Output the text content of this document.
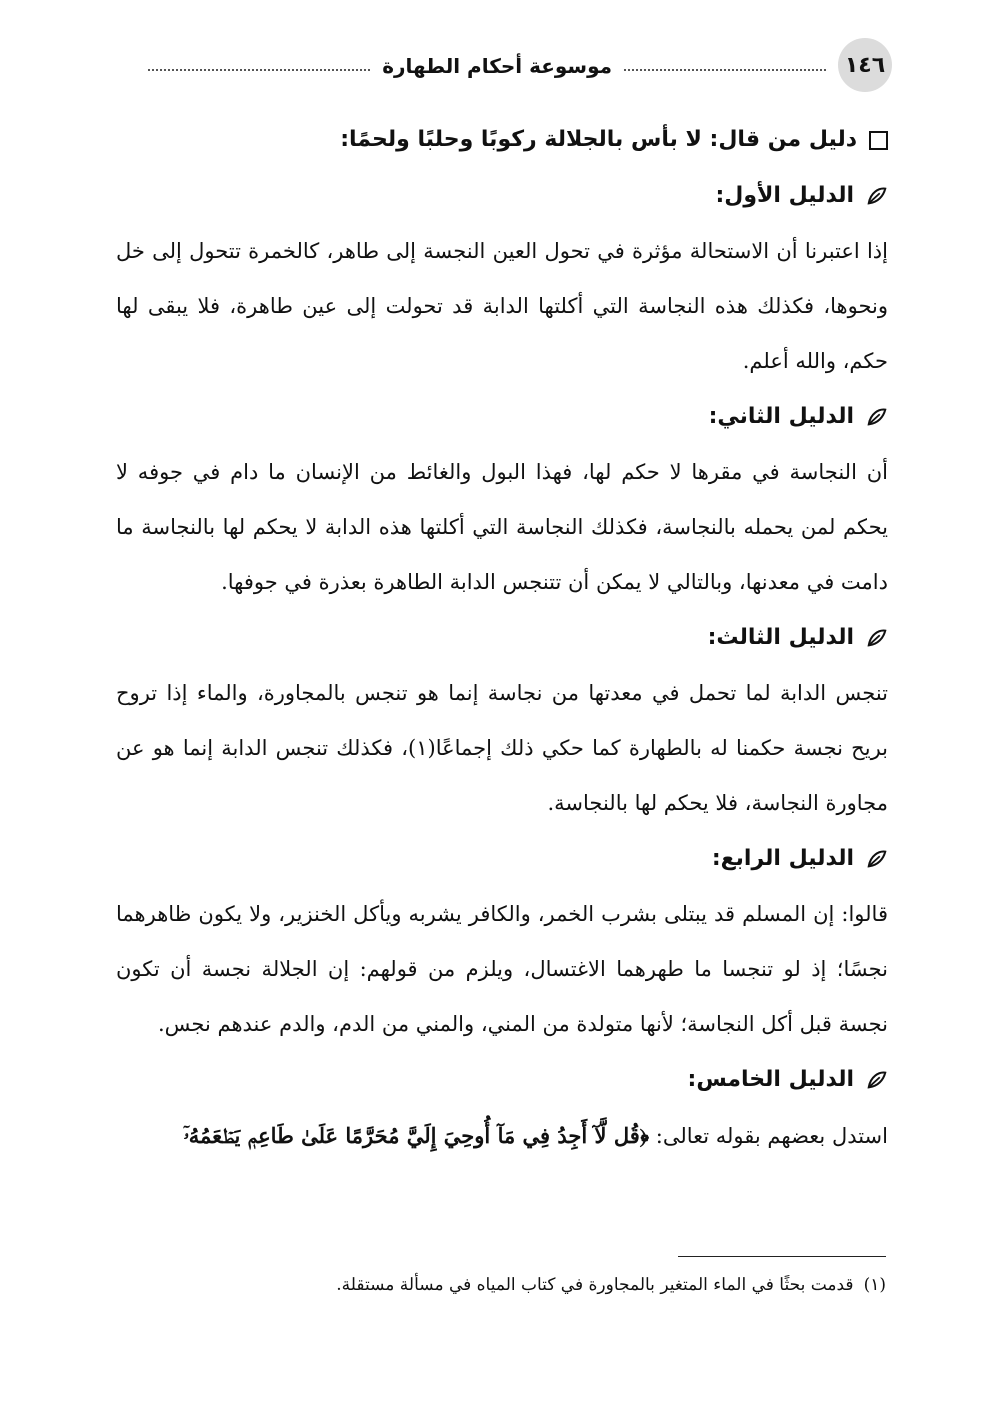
١٤٦
موسوعة أحكام الطهارة
دليل من قال: لا بأس بالجلالة ركوبًا وحلبًا ولحمًا:
الدليل الأول:

إذا اعتبرنا أن الاستحالة مؤثرة في تحول العين النجسة إلى طاهر، كالخمرة تتحول إلى خل ونحوها، فكذلك هذه النجاسة التي أكلتها الدابة قد تحولت إلى عين طاهرة، فلا يبقى لها حكم، والله أعلم.

الدليل الثاني:

أن النجاسة في مقرها لا حكم لها، فهذا البول والغائط من الإنسان ما دام في جوفه لا يحكم لمن يحمله بالنجاسة، فكذلك النجاسة التي أكلتها هذه الدابة لا يحكم لها بالنجاسة ما دامت في معدنها، وبالتالي لا يمكن أن تتنجس الدابة الطاهرة بعذرة في جوفها.

الدليل الثالث:

تنجس الدابة لما تحمل في معدتها من نجاسة إنما هو تنجس بالمجاورة، والماء إذا تروح بريح نجسة حكمنا له بالطهارة كما حكي ذلك إجماعًا(١)، فكذلك تنجس الدابة إنما هو عن مجاورة النجاسة، فلا يحكم لها بالنجاسة.

الدليل الرابع:

قالوا: إن المسلم قد يبتلى بشرب الخمر، والكافر يشربه ويأكل الخنزير، ولا يكون ظاهرهما نجسًا؛ إذ لو تنجسا ما طهرهما الاغتسال، ويلزم من قولهم: إن الجلالة نجسة أن تكون نجسة قبل أكل النجاسة؛ لأنها متولدة من المني، والمني من الدم، والدم عندهم نجس.

الدليل الخامس:

استدل بعضهم بقوله تعالى: ﴿قُل لَّآ أَجِدُ فِي مَآ أُوحِيَ إِلَيَّ مُحَرَّمًا عَلَىٰ طَاعِمٖ يَطۡعَمُهُۥٓ

(١)
قدمت بحثًا في الماء المتغير بالمجاورة في كتاب المياه في مسألة مستقلة.
